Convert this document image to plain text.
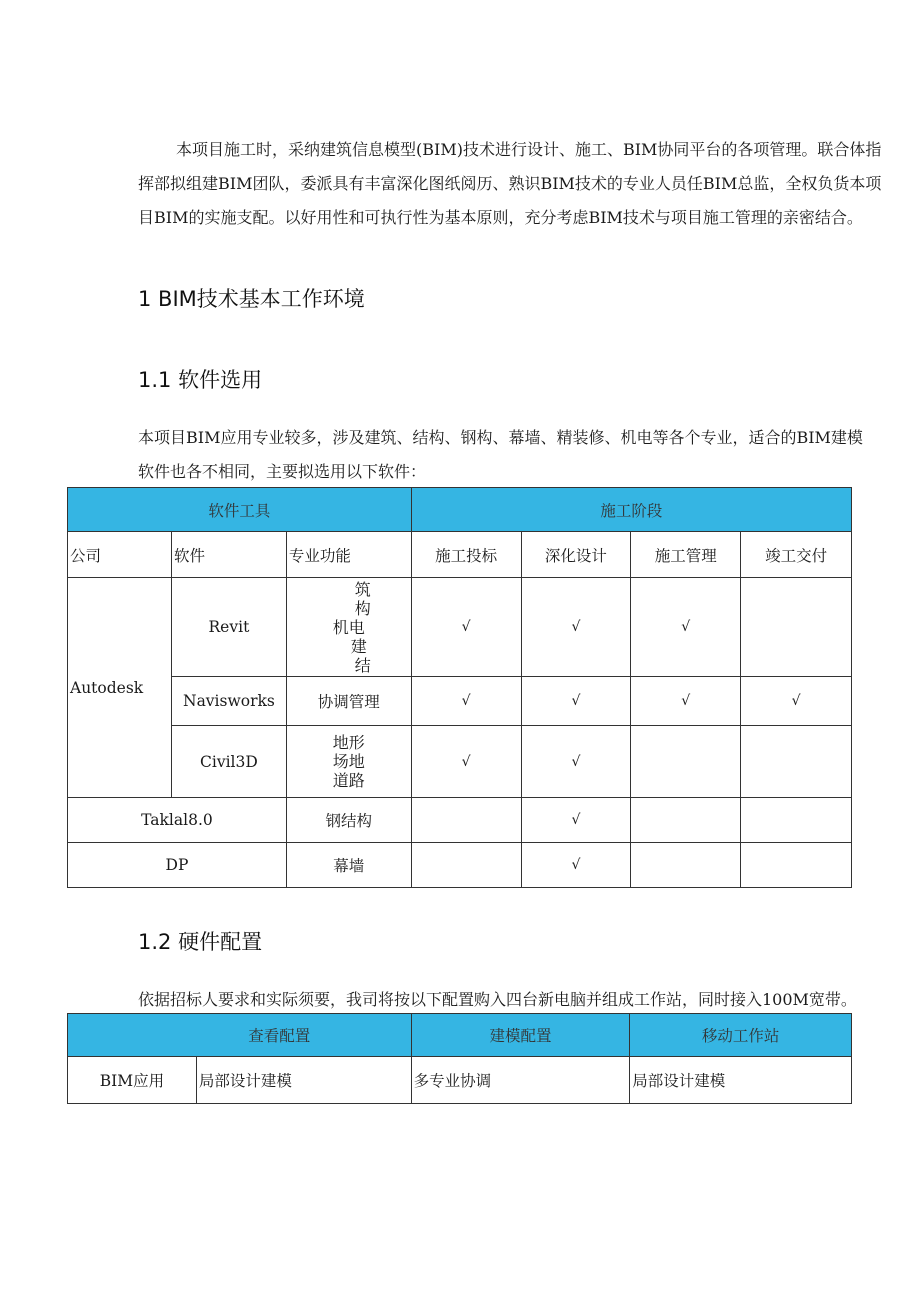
本项目施工时，采纳建筑信息模型(BIM)技术进行设计、施工、BIM协同平台的各项管理。联合体指
挥部拟组建BIM团队，委派具有丰富深化图纸阅历、熟识BIM技术的专业人员任BIM总监，全权负货本项
目BIM的实施支配。以好用性和可执行性为基本原则，充分考虑BIM技术与项目施工管理的亲密结合。
1 BIM技术基本工作环境
1.1 软件选用
本项目BIM应用专业较多，涉及建筑、结构、钢构、幕墙、精装修、机电等各个专业，适合的BIM建模
软件也各不相同，主要拟选用以下软件：
软件工具			施工阶段			
公司	软件	专业功能	施工投标	深化设计	施工管理	竣工交付
Autodesk	Revit	筑
构
机电
建
结	√	√	√	
	Navisworks	协调管理	√	√	√	√
	Civil3D	地形
场地
道路	√	√		
Taklal8.0		钢结构		√		
DP		幕墙		√		
1.2 硬件配置
依据招标人要求和实际须要，我司将按以下配置购入四台新电脑并组成工作站，同时接入100M宽带。
查看配置		建模配置	移动工作站
BIM应用	局部设计建模	多专业协调	局部设计建模
